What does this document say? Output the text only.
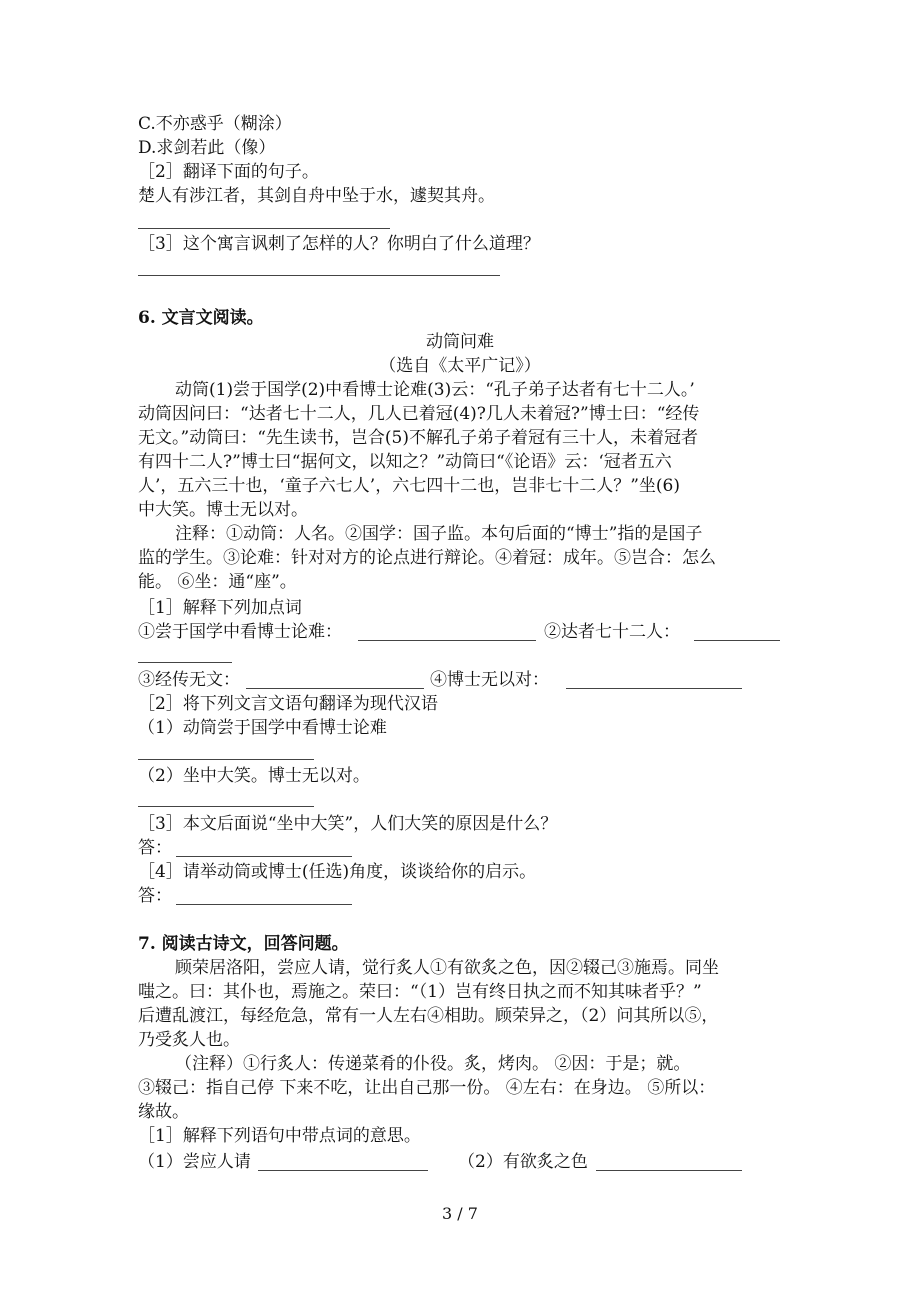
C.不亦惑乎（糊涂）
D.求剑若此（像）
［2］翻译下面的句子。
楚人有涉江者，其剑自舟中坠于水，遽契其舟。
［3］这个寓言讽刺了怎样的人？你明白了什么道理？
6. 文言文阅读。
动筒问难
（选自《太平广记》）
动筒(1)尝于国学(2)中看博士论难(3)云：“孔子弟子达者有七十二人。’
动筒因问曰：“达者七十二人，几人已着冠(4)?几人未着冠?”博士曰：“经传
无文。”动筒曰：“先生读书，岂合(5)不解孔子弟子着冠有三十人，未着冠者
有四十二人?”博士曰“据何文，以知之？”动筒曰“《论语》云：‘冠者五六
人’，五六三十也，‘童子六七人’，六七四十二也，岂非七十二人？”坐(6)
中大笑。博士无以对。
注释：①动筒：人名。②国学：国子监。本句后面的“博士”指的是国子
监的学生。③论难：针对对方的论点进行辩论。④着冠：成年。⑤岂合：怎么
能。 ⑥坐：通“座”。
［1］解释下列加点词
①尝于国学中看博士论难：	②达者七十二人：
③经传无文：	④博士无以对：
［2］将下列文言文语句翻译为现代汉语
（1）动筒尝于国学中看博士论难
（2）坐中大笑。博士无以对。
［3］本文后面说“坐中大笑”，人们大笑的原因是什么？
答：
［4］请举动筒或博士(任选)角度，谈谈给你的启示。
答：
7. 阅读古诗文，回答问题。
顾荣居洛阳，尝应人请，觉行炙人①有欲炙之色，因②辍己③施焉。同坐
嗤之。曰：其仆也，焉施之。荣曰：“（1）岂有终日执之而不知其味者乎？”
后遭乱渡江，每经危急，常有一人左右④相助。顾荣异之，（2）问其所以⑤，
乃受炙人也。
（注释）①行炙人：传递菜肴的仆役。炙，烤肉。 ②因：于是；就。
③辍己：指自己停 下来不吃，让出自己那一份。 ④左右：在身边。 ⑤所以：
缘故。
［1］解释下列语句中带点词的意思。
（1）尝应人请	（2）有欲炙之色
3 / 7
